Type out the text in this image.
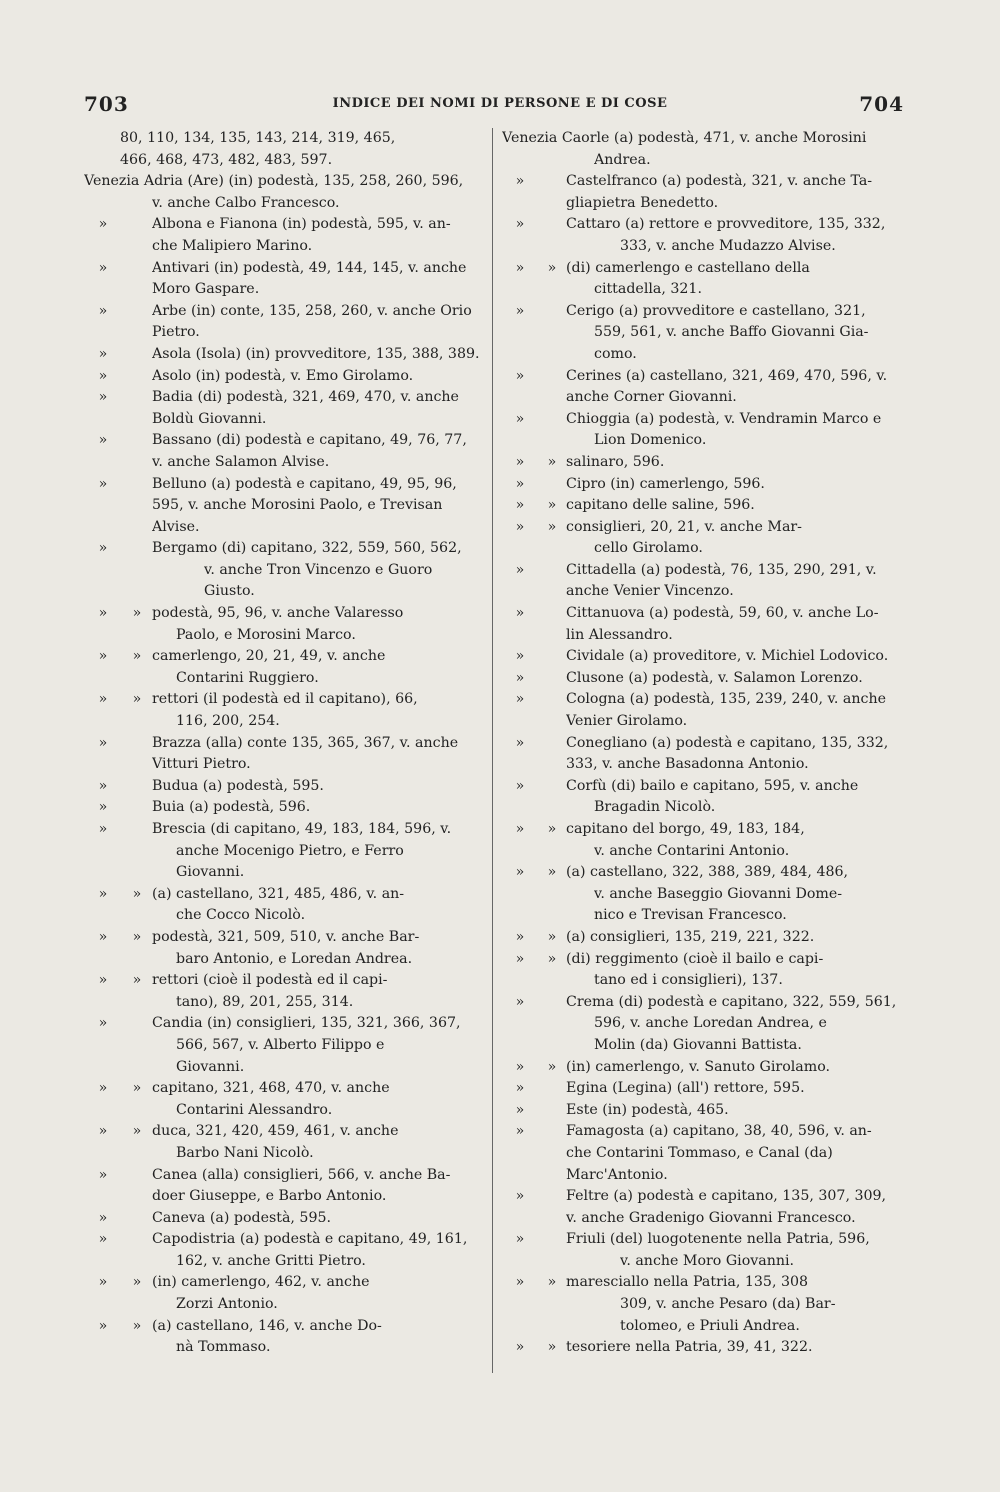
703	INDICE DEI NOMI DI PERSONE E DI COSE	704
80, 110, 134, 135, 143, 214, 319, 465,
466, 468, 473, 482, 483, 597.
Venezia Adria (Are) (in) podestà, 135, 258, 260, 596,
v. anche Calbo Francesco.
»	Albona e Fianona (in) podestà, 595, v. an-
che Malipiero Marino.
»	Antivari (in) podestà, 49, 144, 145, v. anche
Moro Gaspare.
»	Arbe (in) conte, 135, 258, 260, v. anche Orio
Pietro.
»	Asola (Isola) (in) provveditore, 135, 388, 389.
»	Asolo (in) podestà, v. Emo Girolamo.
»	Badia (di) podestà, 321, 469, 470, v. anche
Boldù Giovanni.
»	Bassano (di) podestà e capitano, 49, 76, 77,
v. anche Salamon Alvise.
»	Belluno (a) podestà e capitano, 49, 95, 96,
595, v. anche Morosini Paolo, e Trevisan
Alvise.
»	Bergamo (di) capitano, 322, 559, 560, 562,
v. anche Tron Vincenzo e Guoro
Giusto.
»	» podestà, 95, 96, v. anche Valaresso
Paolo, e Morosini Marco.
»	» camerlengo, 20, 21, 49, v. anche
Contarini Ruggiero.
»	» rettori (il podestà ed il capitano), 66,
116, 200, 254.
»	Brazza (alla) conte 135, 365, 367, v. anche
Vitturi Pietro.
»	Budua (a) podestà, 595.
»	Buia (a) podestà, 596.
»	Brescia (di capitano, 49, 183, 184, 596, v.
anche Mocenigo Pietro, e Ferro
Giovanni.
»	» (a) castellano, 321, 485, 486, v. an-
che Cocco Nicolò.
»	» podestà, 321, 509, 510, v. anche Bar-
baro Antonio, e Loredan Andrea.
»	» rettori (cioè il podestà ed il capi-
tano), 89, 201, 255, 314.
»	Candia (in) consiglieri, 135, 321, 366, 367,
566, 567, v. Alberto Filippo e
Giovanni.
»	» capitano, 321, 468, 470, v. anche
Contarini Alessandro.
»	» duca, 321, 420, 459, 461, v. anche
Barbo Nani Nicolò.
»	Canea (alla) consiglieri, 566, v. anche Ba-
doer Giuseppe, e Barbo Antonio.
»	Caneva (a) podestà, 595.
»	Capodistria (a) podestà e capitano, 49, 161,
162, v. anche Gritti Pietro.
»	» (in) camerlengo, 462, v. anche
Zorzi Antonio.
»	» (a) castellano, 146, v. anche Do-
nà Tommaso.
Venezia Caorle (a) podestà, 471, v. anche Morosini
Andrea.
»	Castelfranco (a) podestà, 321, v. anche Ta-
gliapietra Benedetto.
»	Cattaro (a) rettore e provveditore, 135, 332,
333, v. anche Mudazzo Alvise.
»	» (di) camerlengo e castellano della
cittadella, 321.
»	Cerigo (a) provveditore e castellano, 321,
559, 561, v. anche Baffo Giovanni Gia-
como.
»	Cerines (a) castellano, 321, 469, 470, 596, v.
anche Corner Giovanni.
»	Chioggia (a) podestà, v. Vendramin Marco e
Lion Domenico.
»	» salinaro, 596.
»	Cipro (in) camerlengo, 596.
»	» capitano delle saline, 596.
»	» consiglieri, 20, 21, v. anche Mar-
cello Girolamo.
»	Cittadella (a) podestà, 76, 135, 290, 291, v.
anche Venier Vincenzo.
»	Cittanuova (a) podestà, 59, 60, v. anche Lo-
lin Alessandro.
»	Cividale (a) proveditore, v. Michiel Lodovico.
»	Clusone (a) podestà, v. Salamon Lorenzo.
»	Cologna (a) podestà, 135, 239, 240, v. anche
Venier Girolamo.
»	Conegliano (a) podestà e capitano, 135, 332,
333, v. anche Basadonna Antonio.
»	Corfù (di) bailo e capitano, 595, v. anche
Bragadin Nicolò.
»	» capitano del borgo, 49, 183, 184,
v. anche Contarini Antonio.
»	» (a) castellano, 322, 388, 389, 484, 486,
v. anche Baseggio Giovanni Dome-
nico e Trevisan Francesco.
»	» (a) consiglieri, 135, 219, 221, 322.
»	» (di) reggimento (cioè il bailo e capi-
tano ed i consiglieri), 137.
»	Crema (di) podestà e capitano, 322, 559, 561,
596, v. anche Loredan Andrea, e
Molin (da) Giovanni Battista.
»	» (in) camerlengo, v. Sanuto Girolamo.
»	Egina (Legina) (all') rettore, 595.
»	Este (in) podestà, 465.
»	Famagosta (a) capitano, 38, 40, 596, v. an-
che Contarini Tommaso, e Canal (da)
Marc'Antonio.
»	Feltre (a) podestà e capitano, 135, 307, 309,
v. anche Gradenigo Giovanni Francesco.
»	Friuli (del) luogotenente nella Patria, 596,
v. anche Moro Giovanni.
»	» maresciallo nella Patria, 135, 308
309, v. anche Pesaro (da) Bar-
tolomeo, e Priuli Andrea.
»	» tesoriere nella Patria, 39, 41, 322.
